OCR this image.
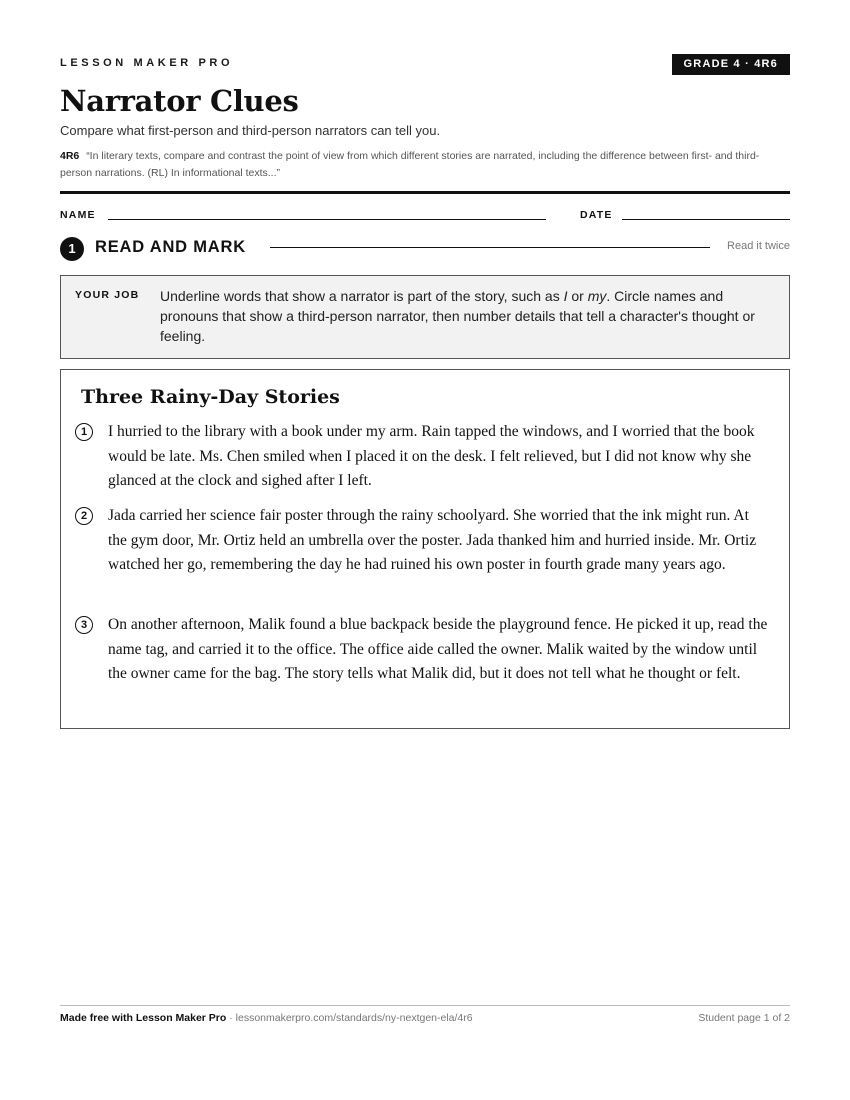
LESSON MAKER PRO	GRADE 4 · 4R6
Narrator Clues
Compare what first-person and third-person narrators can tell you.
4R6 “In literary texts, compare and contrast the point of view from which different stories are narrated, including the difference between first- and third-person narrations. (RL) In informational texts...”
NAME	DATE
1	READ AND MARK	Read it twice
YOUR JOB Underline words that show a narrator is part of the story, such as I or my. Circle names and pronouns that show a third-person narrator, then number details that tell a character's thought or feeling.
Three Rainy-Day Stories
1	I hurried to the library with a book under my arm. Rain tapped the windows, and I worried that the book would be late. Ms. Chen smiled when I placed it on the desk. I felt relieved, but I did not know why she glanced at the clock and sighed after I left.
2	Jada carried her science fair poster through the rainy schoolyard. She worried that the ink might run. At the gym door, Mr. Ortiz held an umbrella over the poster. Jada thanked him and hurried inside. Mr. Ortiz watched her go, remembering the day he had ruined his own poster in fourth grade many years ago.
3	On another afternoon, Malik found a blue backpack beside the playground fence. He picked it up, read the name tag, and carried it to the office. The office aide called the owner. Malik waited by the window until the owner came for the bag. The story tells what Malik did, but it does not tell what he thought or felt.
Made free with Lesson Maker Pro · lessonmakerpro.com/standards/ny-nextgen-ela/4r6	Student page 1 of 2
